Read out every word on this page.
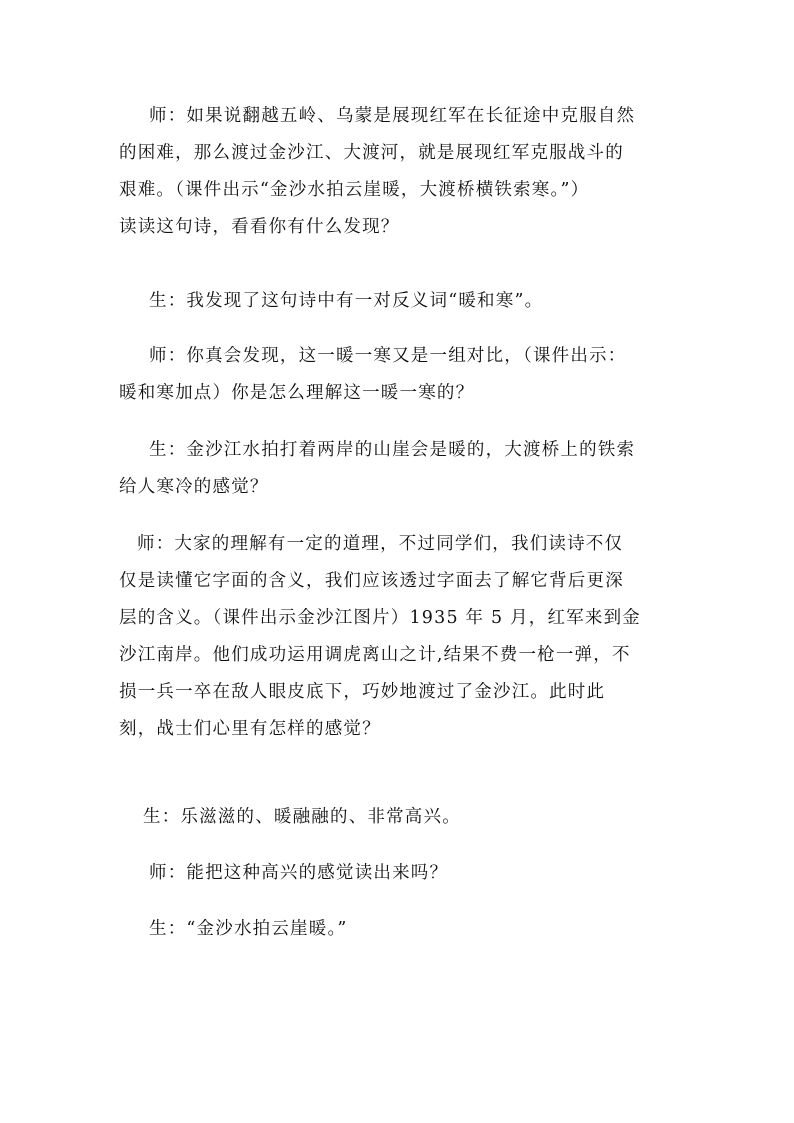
师：如果说翻越五岭、乌蒙是展现红军在长征途中克服自然
的困难，那么渡过金沙江、大渡河，就是展现红军克服战斗的
艰难。（课件出示“金沙水拍云崖暖，大渡桥横铁索寒。”）
读读这句诗，看看你有什么发现？
生：我发现了这句诗中有一对反义词“暖和寒”。
师：你真会发现，这一暖一寒又是一组对比，（课件出示：
暖和寒加点）你是怎么理解这一暖一寒的？
生：金沙江水拍打着两岸的山崖会是暖的，大渡桥上的铁索
给人寒冷的感觉？
师：大家的理解有一定的道理，不过同学们，我们读诗不仅
仅是读懂它字面的含义，我们应该透过字面去了解它背后更深
层的含义。（课件出示金沙江图片）1935 年 5 月，红军来到金
沙江南岸。他们成功运用调虎离山之计,结果不费一枪一弹，不
损一兵一卒在敌人眼皮底下，巧妙地渡过了金沙江。此时此
刻，战士们心里有怎样的感觉？
生：乐滋滋的、暖融融的、非常高兴。
师：能把这种高兴的感觉读出来吗？
生：“金沙水拍云崖暖。”
